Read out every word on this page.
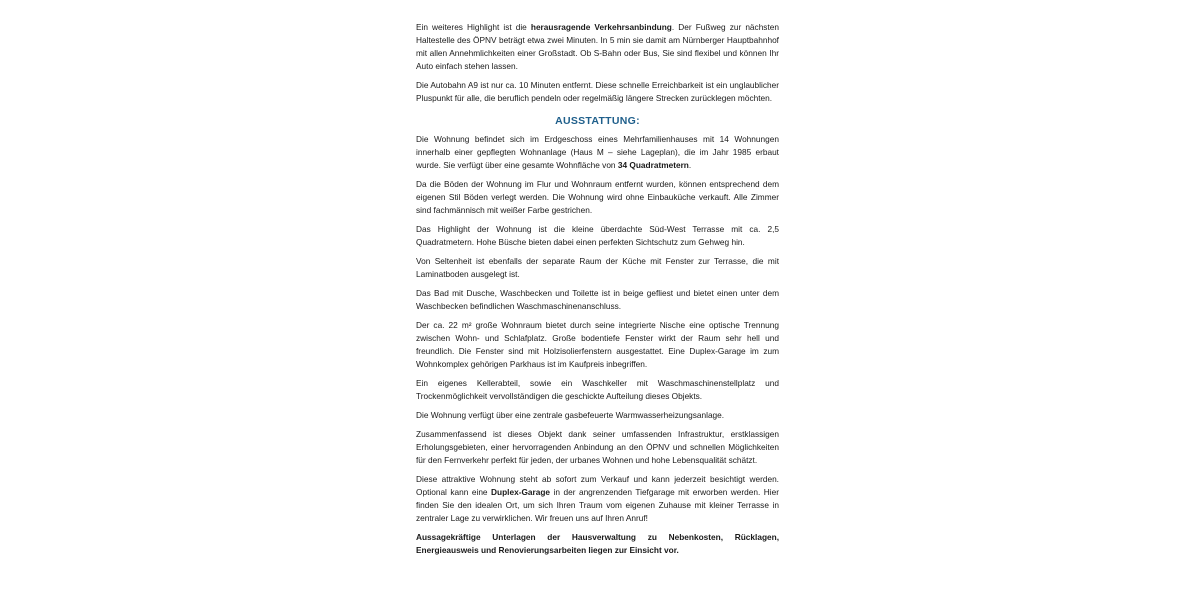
Ein weiteres Highlight ist die herausragende Verkehrsanbindung. Der Fußweg zur nächsten Haltestelle des ÖPNV beträgt etwa zwei Minuten. In 5 min sie damit am Nürnberger Hauptbahnhof mit allen Annehmlichkeiten einer Großstadt. Ob S-Bahn oder Bus, Sie sind flexibel und können Ihr Auto einfach stehen lassen.

Die Autobahn A9 ist nur ca. 10 Minuten entfernt. Diese schnelle Erreichbarkeit ist ein unglaublicher Pluspunkt für alle, die beruflich pendeln oder regelmäßig längere Strecken zurücklegen möchten.

AUSSTATTUNG:

Die Wohnung befindet sich im Erdgeschoss eines Mehrfamilienhauses mit 14 Wohnungen innerhalb einer gepflegten Wohnanlage (Haus M – siehe Lageplan), die im Jahr 1985 erbaut wurde. Sie verfügt über eine gesamte Wohnfläche von 34 Quadratmetern.

Da die Böden der Wohnung im Flur und Wohnraum entfernt wurden, können entsprechend dem eigenen Stil Böden verlegt werden. Die Wohnung wird ohne Einbauküche verkauft. Alle Zimmer sind fachmännisch mit weißer Farbe gestrichen.

Das Highlight der Wohnung ist die kleine überdachte Süd-West Terrasse mit ca. 2,5 Quadratmetern. Hohe Büsche bieten dabei einen perfekten Sichtschutz zum Gehweg hin.

Von Seltenheit ist ebenfalls der separate Raum der Küche mit Fenster zur Terrasse, die mit Laminatboden ausgelegt ist.

Das Bad mit Dusche, Waschbecken und Toilette ist in beige gefliest und bietet einen unter dem Waschbecken befindlichen Waschmaschinenanschluss.

Der ca. 22 m² große Wohnraum bietet durch seine integrierte Nische eine optische Trennung zwischen Wohn- und Schlafplatz. Große bodentiefe Fenster wirkt der Raum sehr hell und freundlich. Die Fenster sind mit Holzisolierfenstern ausgestattet. Eine Duplex-Garage im zum Wohnkomplex gehörigen Parkhaus ist im Kaufpreis inbegriffen.

Ein eigenes Kellerabteil, sowie ein Waschkeller mit Waschmaschinenstellplatz und Trockenmöglichkeit vervollständigen die geschickte Aufteilung dieses Objekts.

Die Wohnung verfügt über eine zentrale gasbefeuerte Warmwasserheizungsanlage.

Zusammenfassend ist dieses Objekt dank seiner umfassenden Infrastruktur, erstklassigen Erholungsgebieten, einer hervorragenden Anbindung an den ÖPNV und schnellen Möglichkeiten für den Fernverkehr perfekt für jeden, der urbanes Wohnen und hohe Lebensqualität schätzt.

Diese attraktive Wohnung steht ab sofort zum Verkauf und kann jederzeit besichtigt werden. Optional kann eine Duplex-Garage in der angrenzenden Tiefgarage mit erworben werden. Hier finden Sie den idealen Ort, um sich Ihren Traum vom eigenen Zuhause mit kleiner Terrasse in zentraler Lage zu verwirklichen. Wir freuen uns auf Ihren Anruf!

Aussagekräftige Unterlagen der Hausverwaltung zu Nebenkosten, Rücklagen, Energieausweis und Renovierungsarbeiten liegen zur Einsicht vor.
